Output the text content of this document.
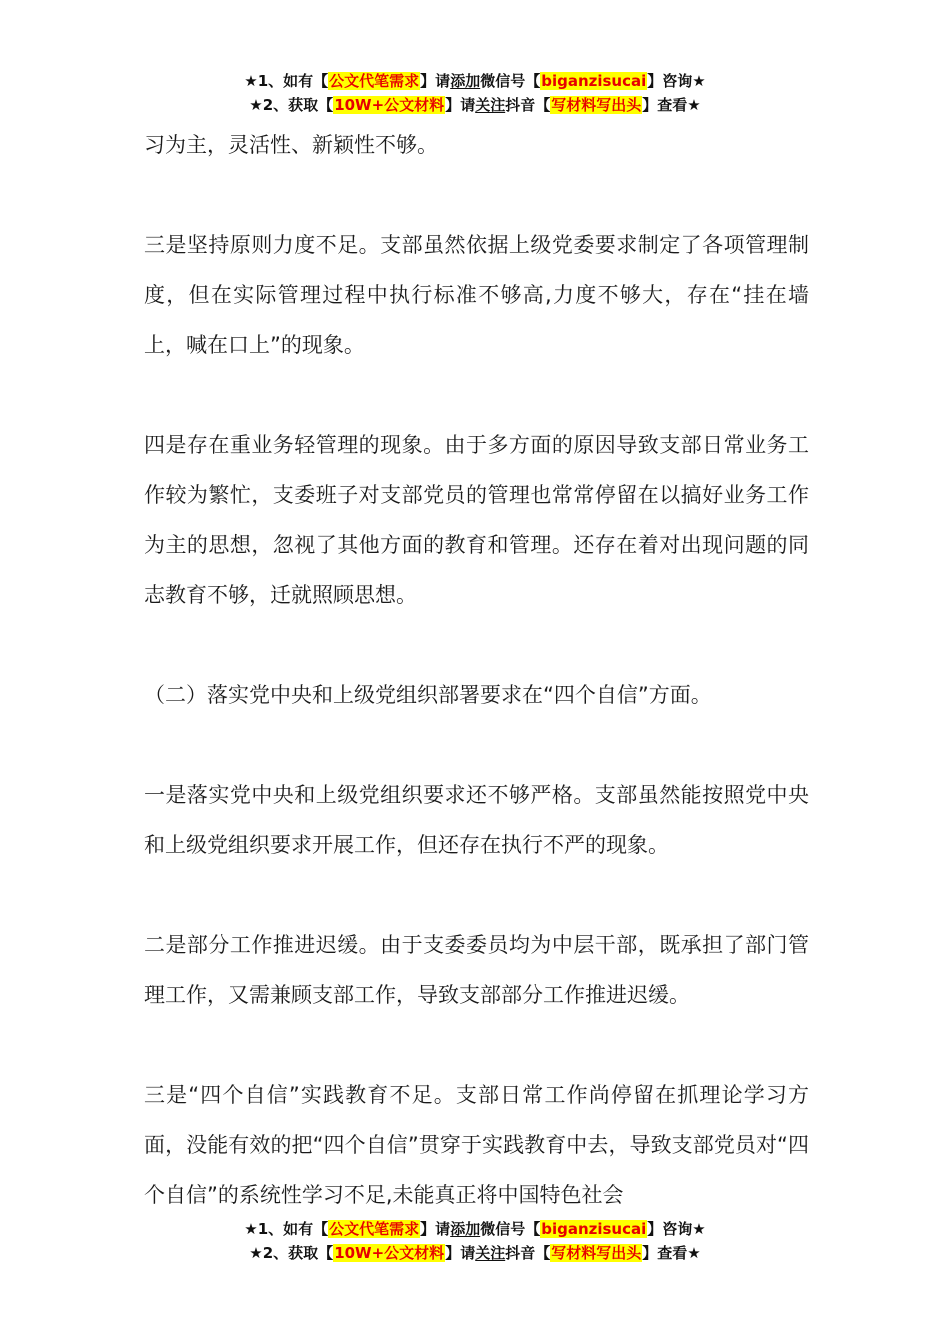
★1、如有【公文代笔需求】请添加微信号【biganzisucai】咨询★
★2、获取【10W+公文材料】请关注抖音【写材料写出头】查看★

习为主，灵活性、新颖性不够。

三是坚持原则力度不足。支部虽然依据上级党委要求制定了各项管理制度，但在实际管理过程中执行标准不够高,力度不够大，存在“挂在墙上，喊在口上”的现象。

四是存在重业务轻管理的现象。由于多方面的原因导致支部日常业务工作较为繁忙，支委班子对支部党员的管理也常常停留在以搞好业务工作为主的思想，忽视了其他方面的教育和管理。还存在着对出现问题的同志教育不够，迁就照顾思想。

（二）落实党中央和上级党组织部署要求在“四个自信”方面。

一是落实党中央和上级党组织要求还不够严格。支部虽然能按照党中央和上级党组织要求开展工作，但还存在执行不严的现象。

二是部分工作推进迟缓。由于支委委员均为中层干部，既承担了部门管理工作，又需兼顾支部工作，导致支部部分工作推进迟缓。

三是“四个自信”实践教育不足。支部日常工作尚停留在抓理论学习方面，没能有效的把“四个自信”贯穿于实践教育中去，导致支部党员对“四个自信”的系统性学习不足,未能真正将中国特色社会

★1、如有【公文代笔需求】请添加微信号【biganzisucai】咨询★
★2、获取【10W+公文材料】请关注抖音【写材料写出头】查看★
